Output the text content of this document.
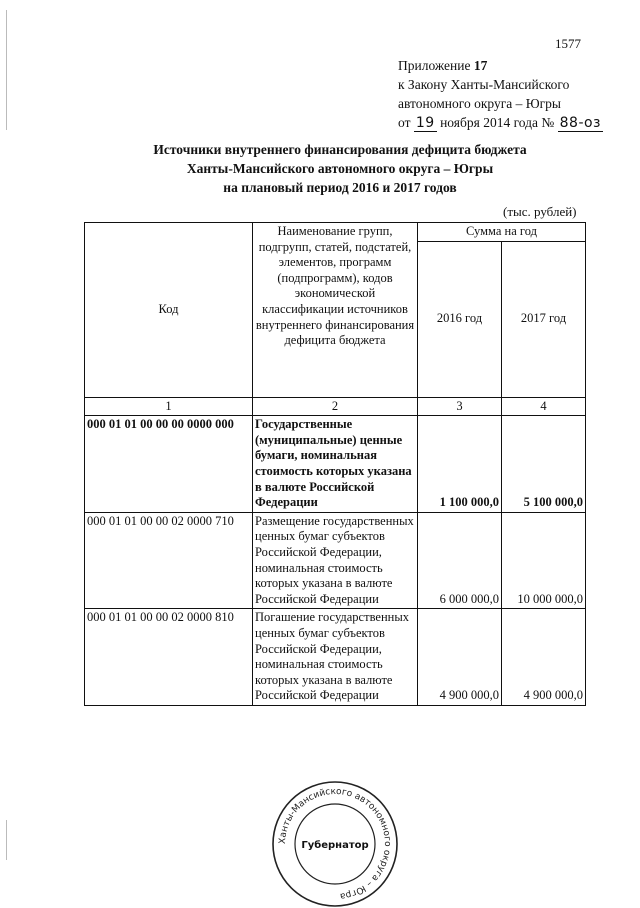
1577
Приложение 17
к Закону Ханты-Мансийского
автономного округа – Югры
от 19 ноября 2014 года № 88-оз
Источники внутреннего финансирования дефицита бюджета
Ханты-Мансийского автономного округа – Югры
на плановый период 2016 и 2017 годов
(тыс. рублей)
Код	Наименование групп, подгрупп, статей, подстатей, элементов, программ (подпрограмм), кодов экономической классификации источников внутреннего финансирования дефицита бюджета	Сумма на год	
		2016 год	2017 год
1	2	3	4
000 01 01 00 00 00 0000 000	Государственные (муниципальные) ценные бумаги, номинальная стоимость которых указана в валюте Российской Федерации	1 100 000,0	5 100 000,0
000 01 01 00 00 02 0000 710	Размещение государственных ценных бумаг субъектов Российской Федерации, номинальная стоимость которых указана в валюте Российской Федерации	6 000 000,0	10 000 000,0
000 01 01 00 00 02 0000 810	Погашение государственных ценных бумаг субъектов Российской Федерации, номинальная стоимость которых указана в валюте Российской Федерации	4 900 000,0	4 900 000,0
Ханты-Мансийского автономного округа – Югра
Губернатор
